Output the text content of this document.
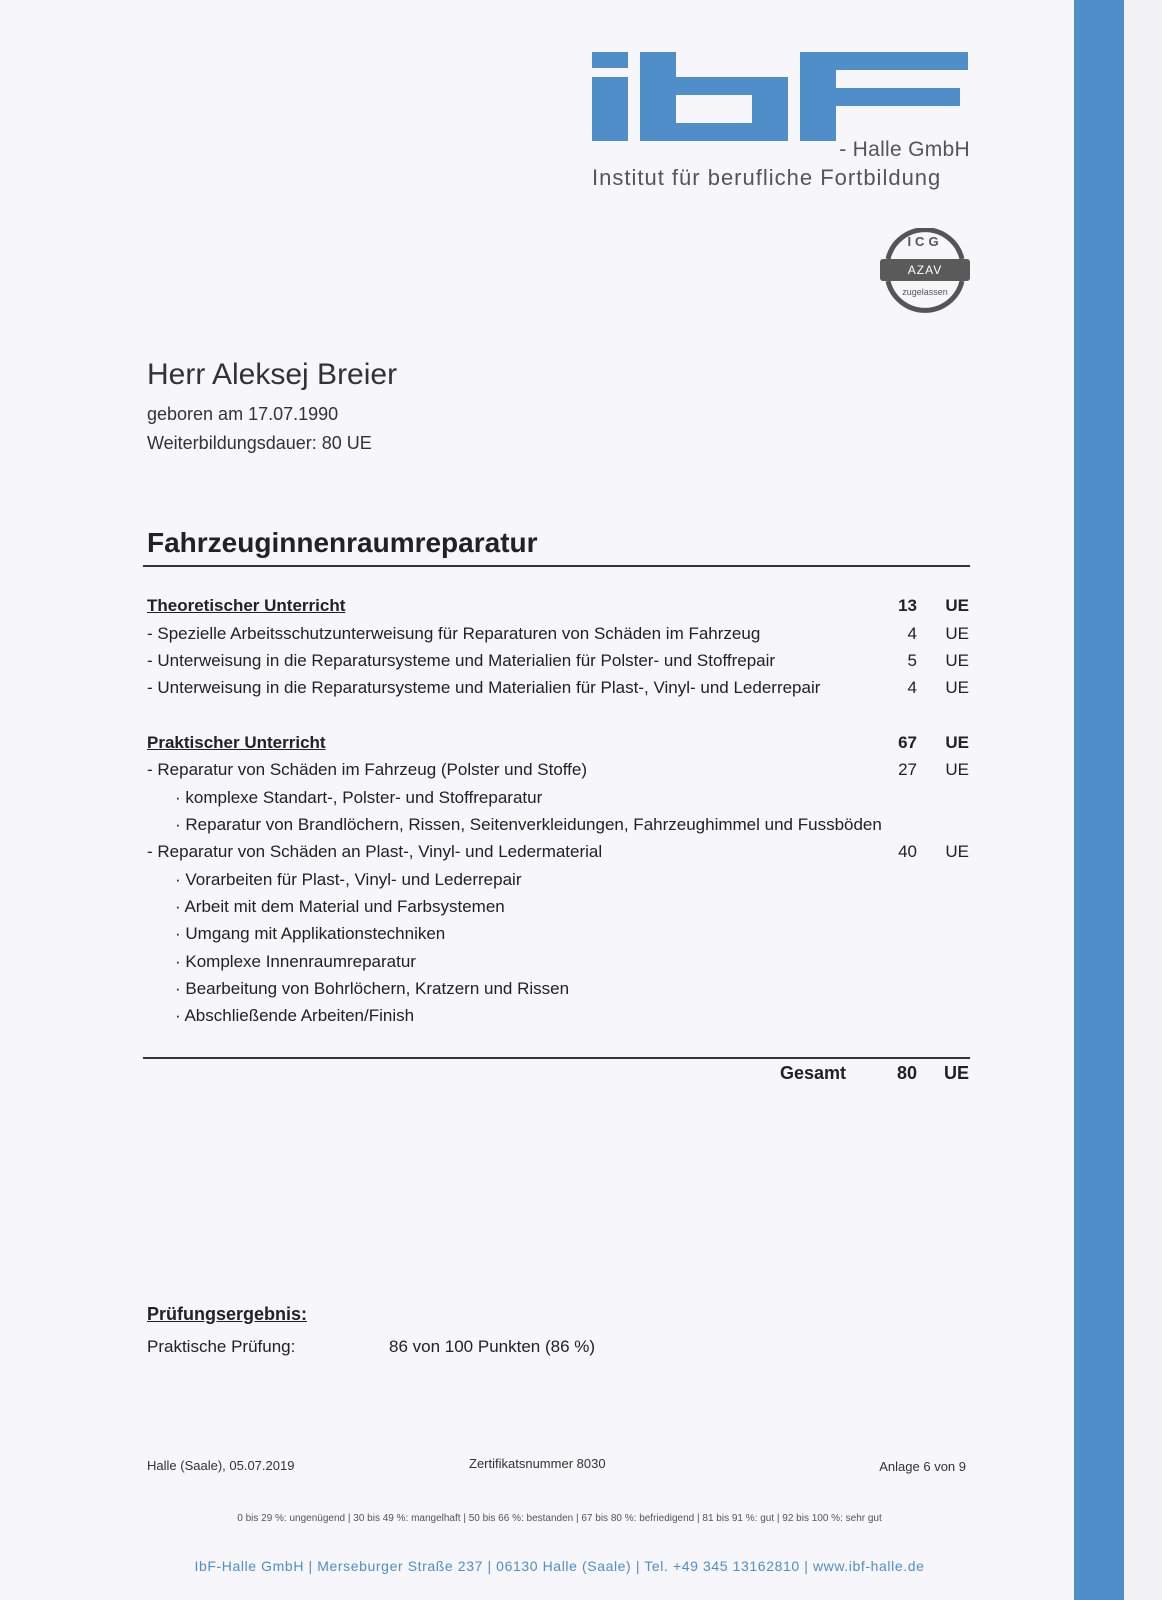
- Halle GmbH
Institut für berufliche Fortbildung
ICG
AZAV
zugelassen
Herr Aleksej Breier
geboren am 17.07.1990
Weiterbildungsdauer: 80 UE
Fahrzeuginnenraumreparatur
Theoretischer Unterricht	13	UE
- Spezielle Arbeitsschutzunterweisung für Reparaturen von Schäden im Fahrzeug	4	UE
- Unterweisung in die Reparatursysteme und Materialien für Polster- und Stoffrepair	5	UE
- Unterweisung in die Reparatursysteme und Materialien für Plast-, Vinyl- und Lederrepair	4	UE
Praktischer Unterricht	67	UE
- Reparatur von Schäden im Fahrzeug (Polster und Stoffe)	27	UE
· komplexe Standart-, Polster- und Stoffreparatur
· Reparatur von Brandlöchern, Rissen, Seitenverkleidungen, Fahrzeughimmel und Fussböden
- Reparatur von Schäden an Plast-, Vinyl- und Ledermaterial	40	UE
· Vorarbeiten für Plast-, Vinyl- und Lederrepair
· Arbeit mit dem Material und Farbsystemen
· Umgang mit Applikationstechniken
· Komplexe Innenraumreparatur
· Bearbeitung von Bohrlöchern, Kratzern und Rissen
· Abschließende Arbeiten/Finish
Gesamt	80	UE
Prüfungsergebnis:
Praktische Prüfung:	86 von 100 Punkten (86 %)
Halle (Saale), 05.07.2019	Zertifikatsnummer 8030	Anlage 6 von 9
0 bis 29 %: ungenügend | 30 bis 49 %: mangelhaft | 50 bis 66 %: bestanden | 67 bis 80 %: befriedigend | 81 bis 91 %: gut | 92 bis 100 %: sehr gut
IbF-Halle GmbH | Merseburger Straße 237 | 06130 Halle (Saale) | Tel. +49 345 13162810 | www.ibf-halle.de
